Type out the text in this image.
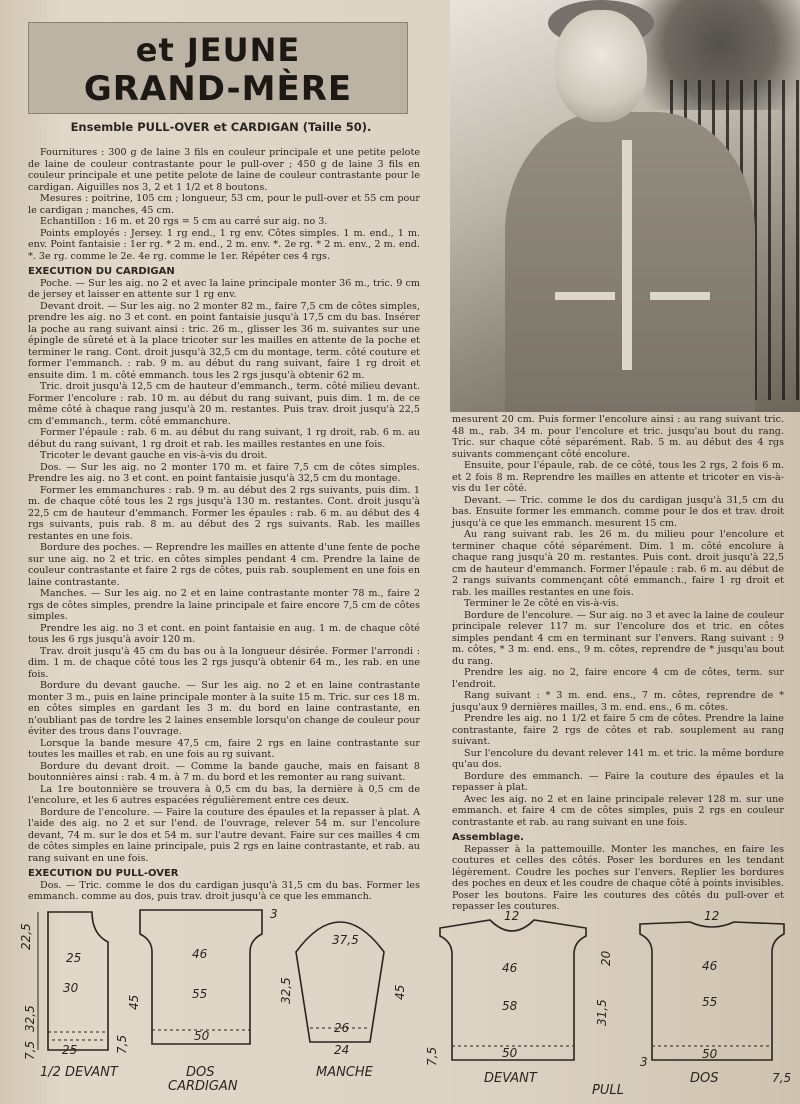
et JEUNE
GRAND-MÈRE
Ensemble PULL-OVER et CARDIGAN (Taille 50).

Fournitures : 300 g de laine 3 fils en couleur principale et une petite pelote de laine de couleur contrastante pour le pull-over ; 450 g de laine 3 fils en couleur principale et une petite pelote de laine de couleur contrastante pour le cardigan. Aiguilles nos 3, 2 et 1 1/2 et 8 boutons.

Mesures : poitrine, 105 cm ; longueur, 53 cm, pour le pull-over et 55 cm pour le cardigan ; manches, 45 cm.

Echantillon : 16 m. et 20 rgs = 5 cm au carré sur aig. no 3.

Points employés : Jersey. 1 rg end., 1 rg env. Côtes simples. 1 m. end., 1 m. env. Point fantaisie : 1er rg. * 2 m. end., 2 m. env. *. 2e rg. * 2 m. env., 2 m. end. *. 3e rg. comme le 2e. 4e rg. comme le 1er. Répéter ces 4 rgs.

EXECUTION DU CARDIGAN

Poche. — Sur les aig. no 2 et avec la laine principale monter 36 m., tric. 9 cm de jersey et laisser en attente sur 1 rg env.

Devant droit. — Sur les aig. no 2 monter 82 m., faire 7,5 cm de côtes simples, prendre les aig. no 3 et cont. en point fantaisie jusqu'à 17,5 cm du bas. Insérer la poche au rang suivant ainsi : tric. 26 m., glisser les 36 m. suivantes sur une épingle de sûreté et à la place tricoter sur les mailles en attente de la poche et terminer le rang. Cont. droit jusqu'à 32,5 cm du montage, term. côté couture et former l'emmanch. : rab. 9 m. au début du rang suivant, faire 1 rg droit et ensuite dim. 1 m. côté emmanch. tous les 2 rgs jusqu'à obtenir 62 m.

Tric. droit jusqu'à 12,5 cm de hauteur d'emmanch., term. côté milieu devant. Former l'encolure : rab. 10 m. au début du rang suivant, puis dim. 1 m. de ce même côté à chaque rang jusqu'à 20 m. restantes. Puis trav. droit jusqu'à 22,5 cm d'emmanch., term. côté emmanchure.

Former l'épaule : rab. 6 m. au début du rang suivant, 1 rg droit, rab. 6 m. au début du rang suivant, 1 rg droit et rab. les mailles restantes en une fois.

Tricoter le devant gauche en vis-à-vis du droit.

Dos. — Sur les aig. no 2 monter 170 m. et faire 7,5 cm de côtes simples. Prendre les aig. no 3 et cont. en point fantaisie jusqu'à 32,5 cm du montage.

Former les emmanchures : rab. 9 m. au début des 2 rgs suivants, puis dim. 1 m. de chaque côté tous les 2 rgs jusqu'à 130 m. restantes. Cont. droit jusqu'à 22,5 cm de hauteur d'emmanch. Former les épaules : rab. 6 m. au début des 4 rgs suivants, puis rab. 8 m. au début des 2 rgs suivants. Rab. les mailles restantes en une fois.

Bordure des poches. — Reprendre les mailles en attente d'une fente de poche sur une aig. no 2 et tric. en côtes simples pendant 4 cm. Prendre la laine de couleur contrastante et faire 2 rgs de côtes, puis rab. souplement en une fois en laine contrastante.

Manches. — Sur les aig. no 2 et en laine contrastante monter 78 m., faire 2 rgs de côtes simples, prendre la laine principale et faire encore 7,5 cm de côtes simples.

Prendre les aig. no 3 et cont. en point fantaisie en aug. 1 m. de chaque côté tous les 6 rgs jusqu'à avoir 120 m.

Trav. droit jusqu'à 45 cm du bas ou à la longueur désirée. Former l'arrondi : dim. 1 m. de chaque côté tous les 2 rgs jusqu'à obtenir 64 m., les rab. en une fois.

Bordure du devant gauche. — Sur les aig. no 2 et en laine contrastante monter 3 m., puis en laine principale monter à la suite 15 m. Tric. sur ces 18 m. en côtes simples en gardant les 3 m. du bord en laine contrastante, en n'oubliant pas de tordre les 2 laines ensemble lorsqu'on change de couleur pour éviter des trous dans l'ouvrage.

Lorsque la bande mesure 47,5 cm, faire 2 rgs en laine contrastante sur toutes les mailles et rab. en une fois au rg suivant.

Bordure du devant droit. — Comme la bande gauche, mais en faisant 8 boutonnières ainsi : rab. 4 m. à 7 m. du bord et les remonter au rang suivant.

La 1re boutonnière se trouvera à 0,5 cm du bas, la dernière à 0,5 cm de l'encolure, et les 6 autres espacées régulièrement entre ces deux.

Bordure de l'encolure. — Faire la couture des épaules et la repasser à plat. A l'aide des aig. no 2 et sur l'end. de l'ouvrage, relever 54 m. sur l'encolure devant, 74 m. sur le dos et 54 m. sur l'autre devant. Faire sur ces mailles 4 cm de côtes simples en laine principale, puis 2 rgs en laine contrastante, et rab. au rang suivant en une fois.

EXECUTION DU PULL-OVER

Dos. — Tric. comme le dos du cardigan jusqu'à 31,5 cm du bas. Former les emmanch. comme au dos, puis trav. droit jusqu'à ce que les emmanch.

mesurent 20 cm. Puis former l'encolure ainsi : au rang suivant tric. 48 m., rab. 34 m. pour l'encolure et tric. jusqu'au bout du rang. Tric. sur chaque côté séparément. Rab. 5 m. au début des 4 rgs suivants commençant côté encolure.

Ensuite, pour l'épaule, rab. de ce côté, tous les 2 rgs, 2 fois 6 m. et 2 fois 8 m. Reprendre les mailles en attente et tricoter en vis-à-vis du 1er côté.

Devant. — Tric. comme le dos du cardigan jusqu'à 31,5 cm du bas. Ensuite former les emmanch. comme pour le dos et trav. droit jusqu'à ce que les emmanch. mesurent 15 cm.

Au rang suivant rab. les 26 m. du milieu pour l'encolure et terminer chaque côté séparément. Dim. 1 m. côté encolure à chaque rang jusqu'à 20 m. restantes. Puis cont. droit jusqu'à 22,5 cm de hauteur d'emmanch. Former l'épaule : rab. 6 m. au début de 2 rangs suivants commençant côté emmanch., faire 1 rg droit et rab. les mailles restantes en une fois.

Terminer le 2e côté en vis-à-vis.

Bordure de l'encolure. — Sur aig. no 3 et avec la laine de couleur principale relever 117 m. sur l'encolure dos et tric. en côtes simples pendant 4 cm en terminant sur l'envers. Rang suivant : 9 m. côtes, * 3 m. end. ens., 9 m. côtes, reprendre de * jusqu'au bout du rang.

Prendre les aig. no 2, faire encore 4 cm de côtes, term. sur l'endroit.

Rang suivant : * 3 m. end. ens., 7 m. côtes, reprendre de * jusqu'aux 9 dernières mailles, 3 m. end. ens., 6 m. côtes.

Prendre les aig. no 1 1/2 et faire 5 cm de côtes. Prendre la laine contrastante, faire 2 rgs de côtes et rab. souplement au rang suivant.

Sur l'encolure du devant relever 141 m. et tric. la même bordure qu'au dos.

Bordure des emmanch. — Faire la couture des épaules et la repasser à plat.

Avec les aig. no 2 et en laine principale relever 128 m. sur une emmanch. et faire 4 cm de côtes simples, puis 2 rgs en couleur contrastante et rab. au rang suivant en une fois.

Assemblage.

Repasser à la pattemouille. Monter les manches, en faire les coutures et celles des côtés. Poser les bordures en les tendant légèrement. Coudre les poches sur l'envers. Replier les bordures des poches en deux et les coudre de chaque côté à points invisibles. Poser les boutons. Faire les coutures des côtés du pull-over et repasser les coutures.

22,5
25
30
32,5
25
1/2 DEVANT
46
55
50
45
3
DOS
CARDIGAN
37,5
26
24
32,5	45
MANCHE
12
46
58
50
20
31,5
7,5
DEVANT
PULL
12
46
55
50
7,5
DOS
7,5
3
7,5
